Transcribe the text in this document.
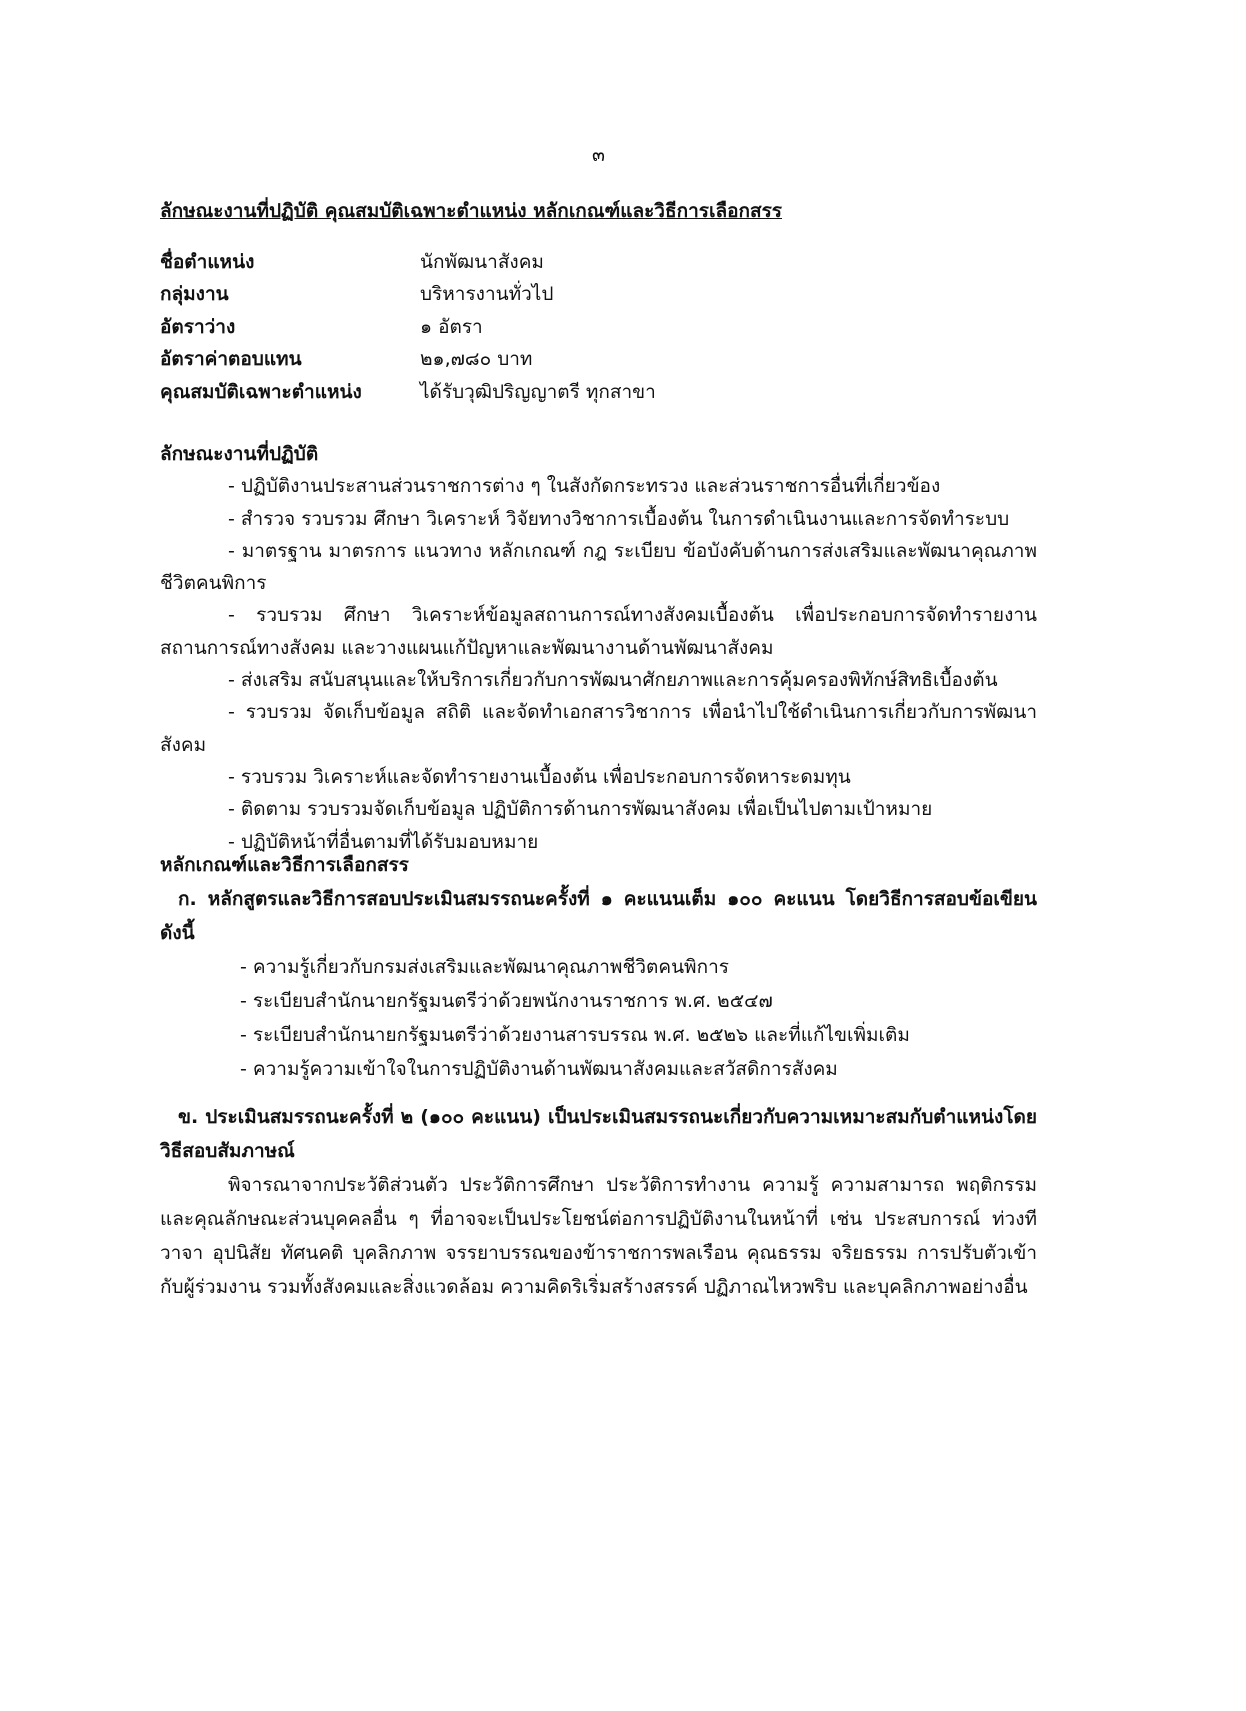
๓
ลักษณะงานที่ปฏิบัติ คุณสมบัติเฉพาะตำแหน่ง หลักเกณฑ์และวิธีการเลือกสรร
ชื่อตำแหน่ง	นักพัฒนาสังคม
กลุ่มงาน	บริหารงานทั่วไป
อัตราว่าง	๑ อัตรา
อัตราค่าตอบแทน	๒๑,๗๘๐ บาท
คุณสมบัติเฉพาะตำแหน่ง	ได้รับวุฒิปริญญาตรี ทุกสาขา
ลักษณะงานที่ปฏิบัติ
- ปฏิบัติงานประสานส่วนราชการต่าง ๆ ในสังกัดกระทรวง และส่วนราชการอื่นที่เกี่ยวข้อง
- สำรวจ รวบรวม ศึกษา วิเคราะห์ วิจัยทางวิชาการเบื้องต้น ในการดำเนินงานและการจัดทำระบบ
- มาตรฐาน มาตรการ แนวทาง หลักเกณฑ์ กฎ ระเบียบ ข้อบังคับด้านการส่งเสริมและพัฒนาคุณภาพชีวิตคนพิการ
- รวบรวม ศึกษา วิเคราะห์ข้อมูลสถานการณ์ทางสังคมเบื้องต้น เพื่อประกอบการจัดทำรายงานสถานการณ์ทางสังคม และวางแผนแก้ปัญหาและพัฒนางานด้านพัฒนาสังคม
- ส่งเสริม สนับสนุนและให้บริการเกี่ยวกับการพัฒนาศักยภาพและการคุ้มครองพิทักษ์สิทธิเบื้องต้น
- รวบรวม จัดเก็บข้อมูล สถิติ และจัดทำเอกสารวิชาการ เพื่อนำไปใช้ดำเนินการเกี่ยวกับการพัฒนาสังคม
- รวบรวม วิเคราะห์และจัดทำรายงานเบื้องต้น เพื่อประกอบการจัดหาระดมทุน
- ติดตาม รวบรวมจัดเก็บข้อมูล ปฏิบัติการด้านการพัฒนาสังคม เพื่อเป็นไปตามเป้าหมาย
- ปฏิบัติหน้าที่อื่นตามที่ได้รับมอบหมาย
หลักเกณฑ์และวิธีการเลือกสรร
ก. หลักสูตรและวิธีการสอบประเมินสมรรถนะครั้งที่ ๑ คะแนนเต็ม ๑๐๐ คะแนน โดยวิธีการสอบข้อเขียน ดังนี้
- ความรู้เกี่ยวกับกรมส่งเสริมและพัฒนาคุณภาพชีวิตคนพิการ
- ระเบียบสำนักนายกรัฐมนตรีว่าด้วยพนักงานราชการ พ.ศ. ๒๕๔๗
- ระเบียบสำนักนายกรัฐมนตรีว่าด้วยงานสารบรรณ พ.ศ. ๒๕๒๖ และที่แก้ไขเพิ่มเติม
- ความรู้ความเข้าใจในการปฏิบัติงานด้านพัฒนาสังคมและสวัสดิการสังคม
ข. ประเมินสมรรถนะครั้งที่ ๒ (๑๐๐ คะแนน) เป็นประเมินสมรรถนะเกี่ยวกับความเหมาะสมกับตำแหน่งโดยวิธีสอบสัมภาษณ์
พิจารณาจากประวัติส่วนตัว ประวัติการศึกษา ประวัติการทำงาน ความรู้ ความสามารถ พฤติกรรมและคุณลักษณะส่วนบุคคลอื่น ๆ ที่อาจจะเป็นประโยชน์ต่อการปฏิบัติงานในหน้าที่ เช่น ประสบการณ์ ท่วงทีวาจา อุปนิสัย ทัศนคติ บุคลิกภาพ จรรยาบรรณของข้าราชการพลเรือน คุณธรรม จริยธรรม การปรับตัวเข้ากับผู้ร่วมงาน รวมทั้งสังคมและสิ่งแวดล้อม ความคิดริเริ่มสร้างสรรค์ ปฏิภาณไหวพริบ และบุคลิกภาพอย่างอื่น
